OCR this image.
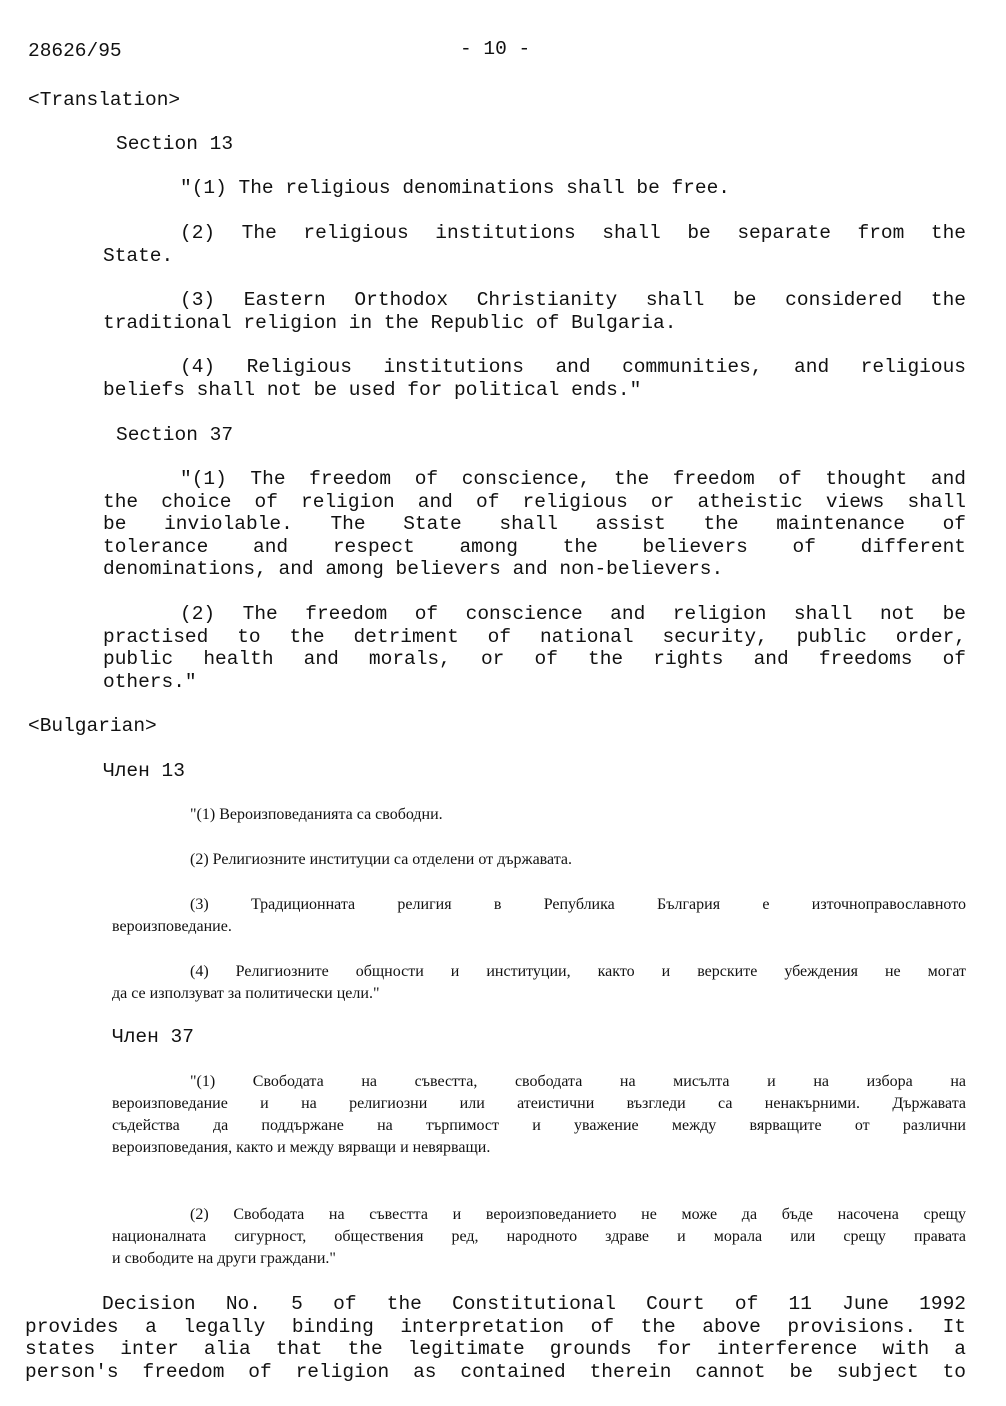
28626/95	- 10 -
<Translation>
Section 13
"(1) The religious denominations shall be free.
(2) The religious institutions shall be separate from the
State.
(3) Eastern Orthodox Christianity shall be considered the
traditional religion in the Republic of Bulgaria.
(4) Religious institutions and communities, and religious
beliefs shall not be used for political ends."
Section 37
"(1) The freedom of conscience, the freedom of thought and
the choice of religion and of religious or atheistic views shall
be inviolable. The State shall assist the maintenance of
tolerance and respect among the believers of different
denominations, and among believers and non-believers.
(2) The freedom of conscience and religion shall not be
practised to the detriment of national security, public order,
public health and morals, or of the rights and freedoms of
others."
<Bulgarian>
Член 13
"(1) Вероизповеданията са свободни.
(2) Религиозните институции са отделени от държавата.
(3) Традиционната религия в Република България е източноправославното
вероизповедание.
(4) Религиозните общности и институции, както и верските убеждения не могат
да се използуват за политически цели."
Член 37
"(1) Свободата на съвестта, свободата на мисълта и на избора на
вероизповедание и на религиозни или атеистични възгледи са ненакърними. Държавата
съдейства да поддържане на търпимост и уважение между вярващите от различни
вероизповедания, както и между вярващи и невярващи.
(2) Свободата на съвестта и вероизповеданието не може да бъде насочена срещу
националната сигурност, обществения ред, народното здраве и морала или срещу правата
и свободите на други граждани."
Decision No. 5 of the Constitutional Court of 11 June 1992
provides a legally binding interpretation of the above provisions. It
states inter alia that the legitimate grounds for interference with a
person's freedom of religion as contained therein cannot be subject to
